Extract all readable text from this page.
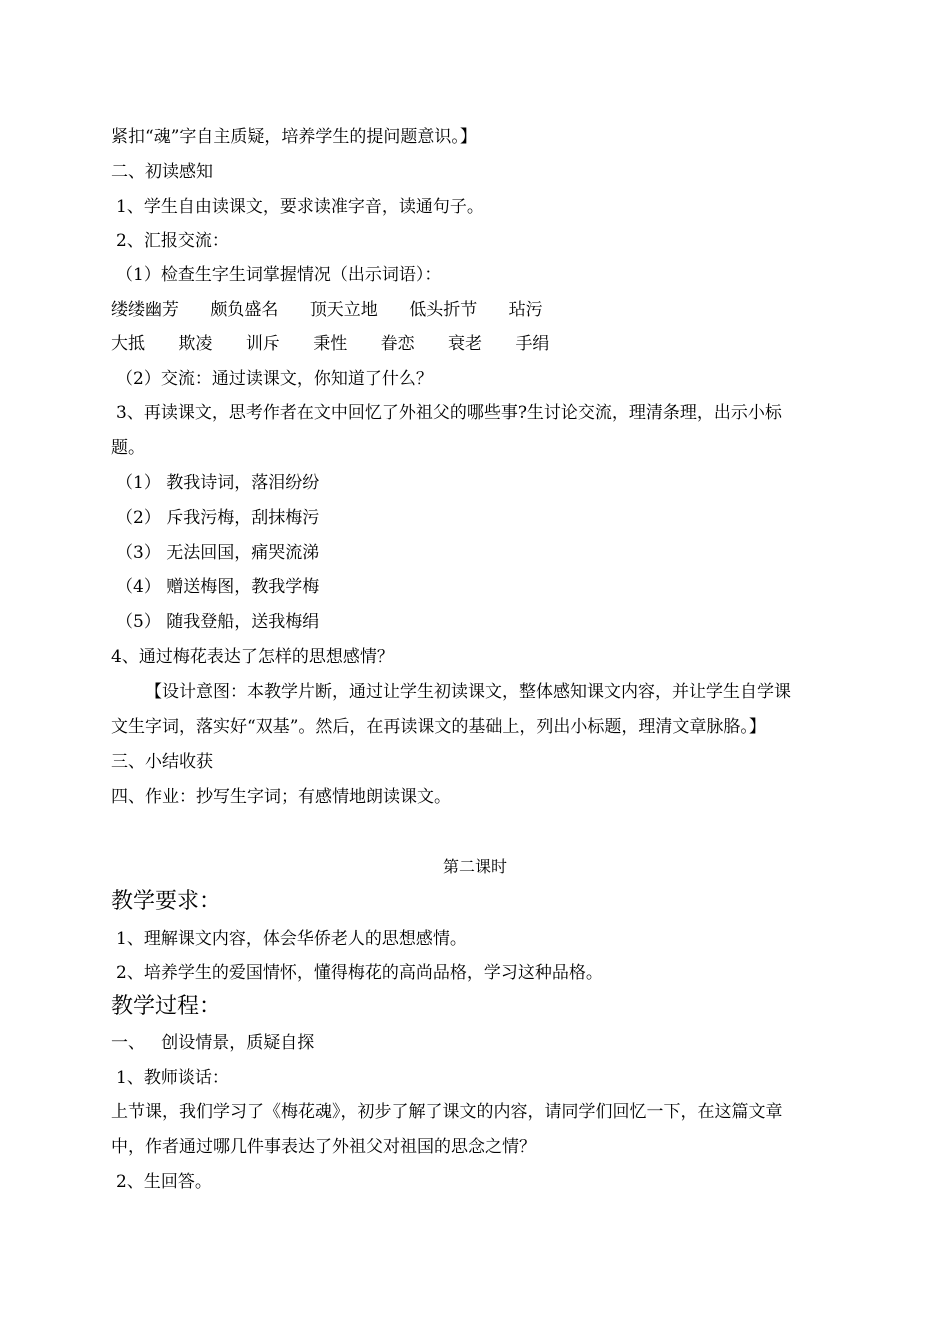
紧扣“魂”字自主质疑，培养学生的提问题意识。】
二、初读感知
1、学生自由读课文，要求读准字音，读通句子。
2、汇报交流：
（1）检查生字生词掌握情况（出示词语）：
缕缕幽芳 颇负盛名 顶天立地 低头折节 玷污
大抵 欺凌 训斥 秉性 眷恋 衰老 手绢
（2）交流：通过读课文，你知道了什么？
3、再读课文，思考作者在文中回忆了外祖父的哪些事?生讨论交流，理清条理，出示小标
题。
（1） 教我诗词，落泪纷纷
（2） 斥我污梅，刮抹梅污
（3） 无法回国，痛哭流涕
（4） 赠送梅图，教我学梅
（5） 随我登船，送我梅绢
4、通过梅花表达了怎样的思想感情？
【设计意图：本教学片断，通过让学生初读课文，整体感知课文内容，并让学生自学课
文生字词，落实好“双基”。然后，在再读课文的基础上，列出小标题，理清文章脉胳。】
三、小结收获
四、作业：抄写生字词；有感情地朗读课文。
第二课时
教学要求：
1、理解课文内容，体会华侨老人的思想感情。
2、培养学生的爱国情怀，懂得梅花的高尚品格，学习这种品格。
教学过程：
一、   创设情景，质疑自探
1、教师谈话：
上节课，我们学习了《梅花魂》，初步了解了课文的内容，请同学们回忆一下，在这篇文章
中，作者通过哪几件事表达了外祖父对祖国的思念之情？
2、生回答。
